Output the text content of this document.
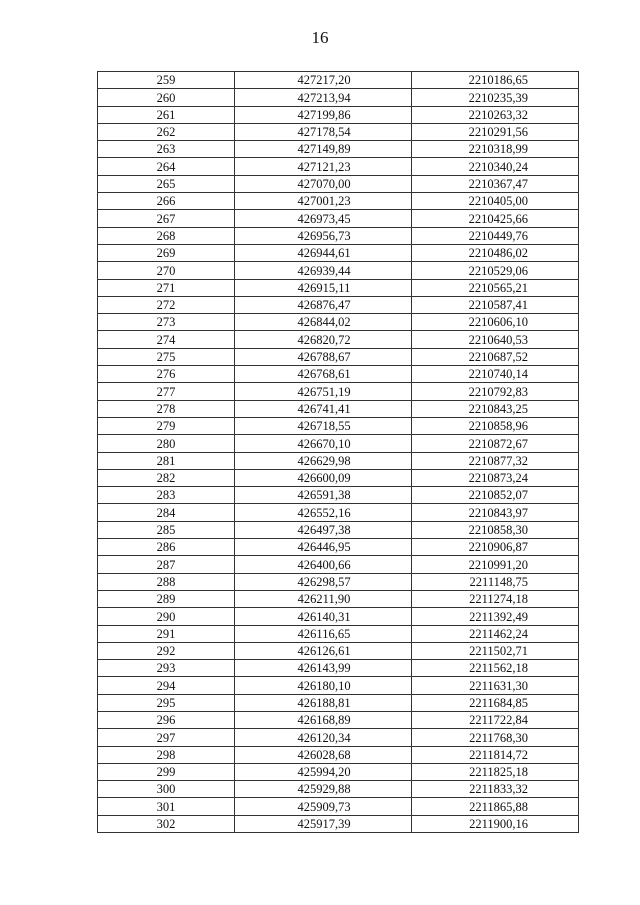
16
259	427217,20	2210186,65
260	427213,94	2210235,39
261	427199,86	2210263,32
262	427178,54	2210291,56
263	427149,89	2210318,99
264	427121,23	2210340,24
265	427070,00	2210367,47
266	427001,23	2210405,00
267	426973,45	2210425,66
268	426956,73	2210449,76
269	426944,61	2210486,02
270	426939,44	2210529,06
271	426915,11	2210565,21
272	426876,47	2210587,41
273	426844,02	2210606,10
274	426820,72	2210640,53
275	426788,67	2210687,52
276	426768,61	2210740,14
277	426751,19	2210792,83
278	426741,41	2210843,25
279	426718,55	2210858,96
280	426670,10	2210872,67
281	426629,98	2210877,32
282	426600,09	2210873,24
283	426591,38	2210852,07
284	426552,16	2210843,97
285	426497,38	2210858,30
286	426446,95	2210906,87
287	426400,66	2210991,20
288	426298,57	2211148,75
289	426211,90	2211274,18
290	426140,31	2211392,49
291	426116,65	2211462,24
292	426126,61	2211502,71
293	426143,99	2211562,18
294	426180,10	2211631,30
295	426188,81	2211684,85
296	426168,89	2211722,84
297	426120,34	2211768,30
298	426028,68	2211814,72
299	425994,20	2211825,18
300	425929,88	2211833,32
301	425909,73	2211865,88
302	425917,39	2211900,16
